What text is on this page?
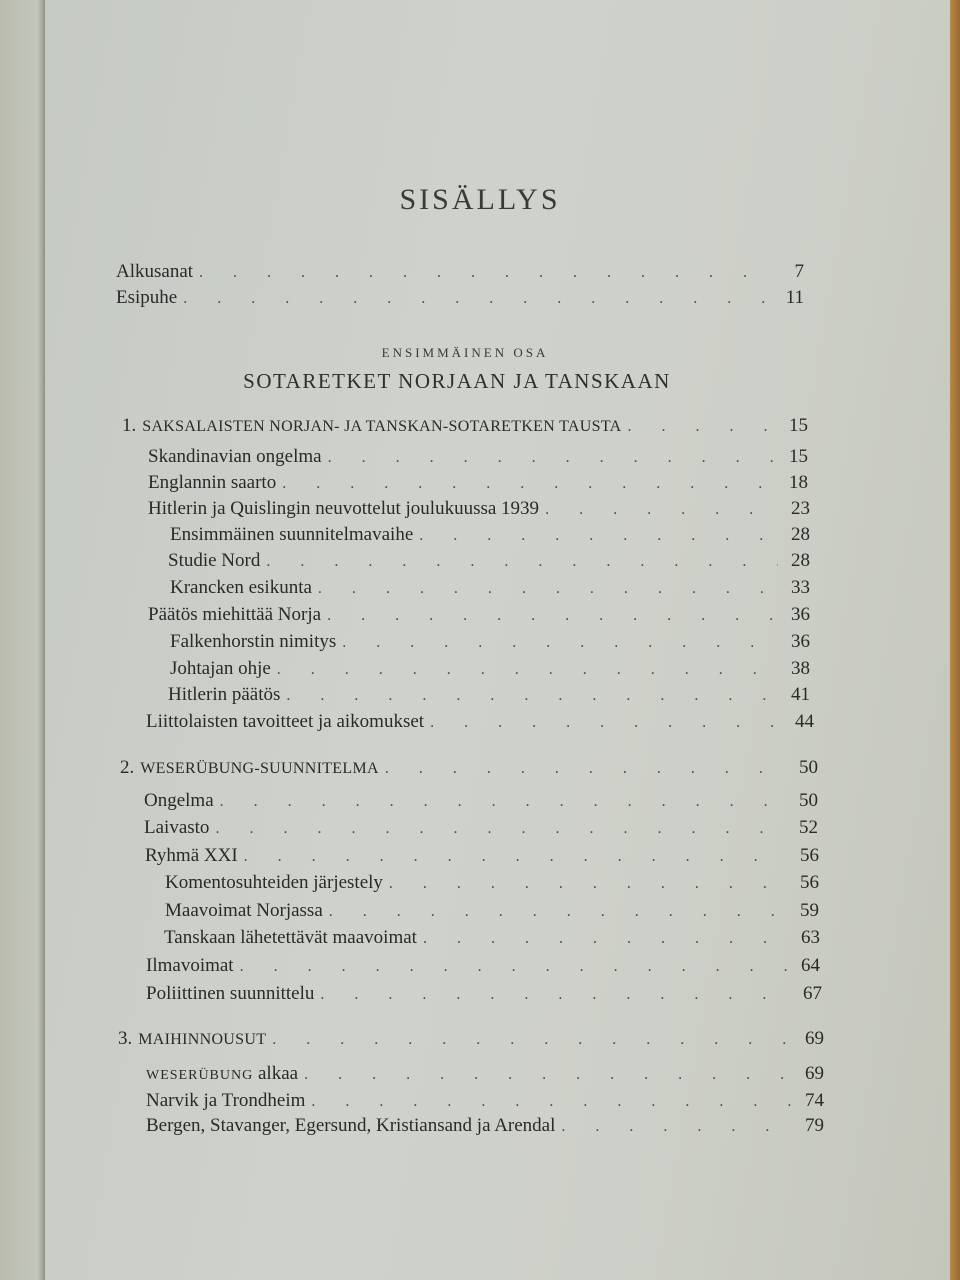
SISÄLLYS
Alkusanat . . .	7
Esipuhe . . .	11
ENSIMMÄINEN OSA
SOTARETKET NORJAAN JA TANSKAAN
1. SAKSALAISTEN NORJAN- JA TANSKAN-SOTARETKEN TAUSTA . . .	15
Skandinavian ongelma . . .	15
Englannin saarto . . .	18
Hitlerin ja Quislingin neuvottelut joulukuussa 1939 . . .	23
Ensimmäinen suunnitelmavaihe . . .	28
Studie Nord . . .	28
Krancken esikunta . . .	33
Päätös miehittää Norja . . .	36
Falkenhorstin nimitys . . .	36
Johtajan ohje . . .	38
Hitlerin päätös . . .	41
Liittolaisten tavoitteet ja aikomukset . . .	44
2. WESERÜBUNG-SUUNNITELMA . . .	50
Ongelma . . .	50
Laivasto . . .	52
Ryhmä XXI . . .	56
Komentosuhteiden järjestely . . .	56
Maavoimat Norjassa . . .	59
Tanskaan lähetettävät maavoimat . . .	63
Ilmavoimat . . .	64
Poliittinen suunnittelu . . .	67
3. MAIHINNOUSUT . . .	69
WESERÜBUNG alkaa . . .	69
Narvik ja Trondheim . . .	74
Bergen, Stavanger, Egersund, Kristiansand ja Arendal . . .	79
